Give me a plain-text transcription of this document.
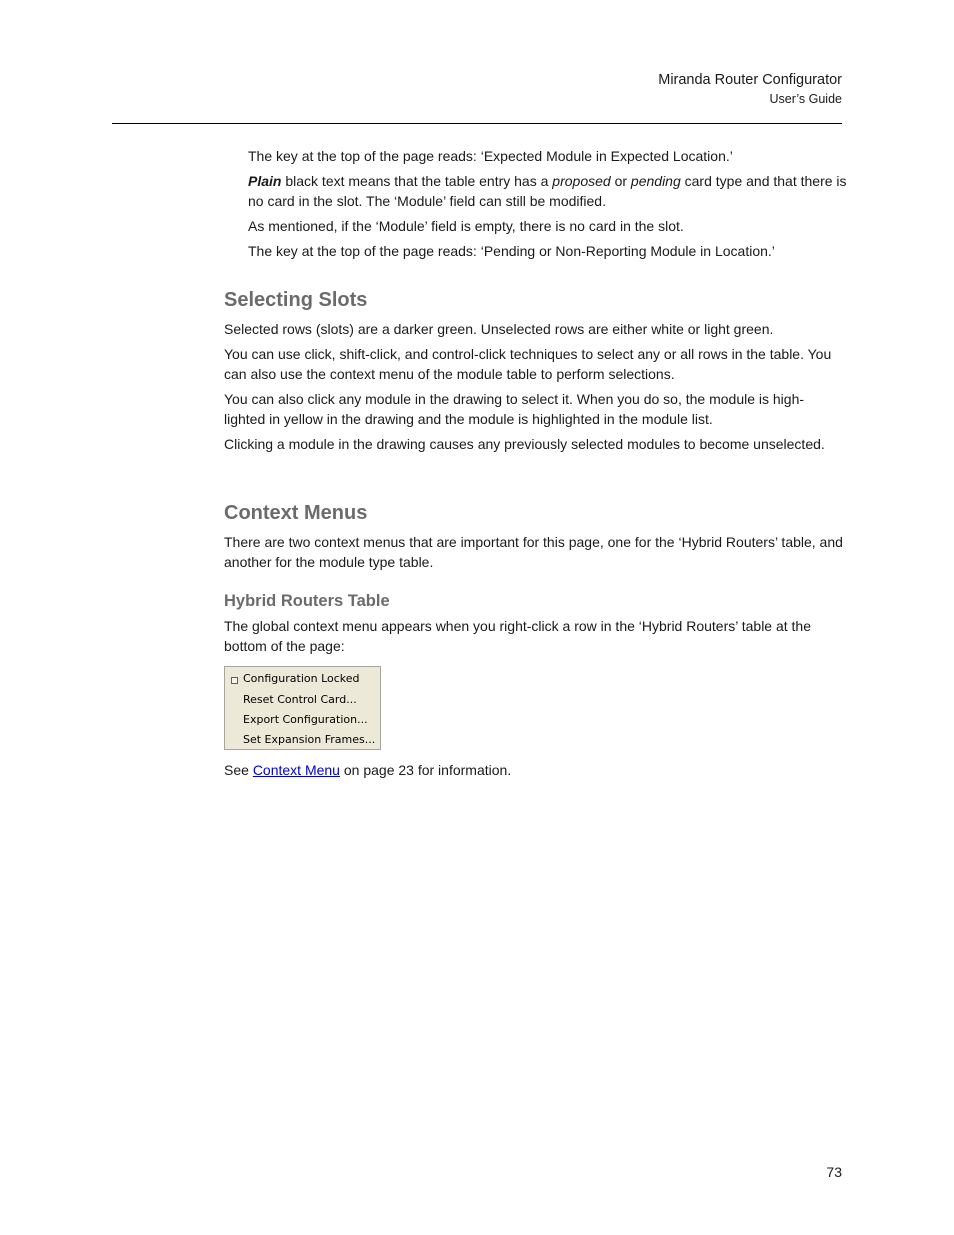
Miranda Router Configurator
User’s Guide

The key at the top of the page reads: ‘Expected Module in Expected Location.’

Plain black text means that the table entry has a proposed or pending card type and that there is no card in the slot. The ‘Module’ field can still be modified.

As mentioned, if the ‘Module’ field is empty, there is no card in the slot.

The key at the top of the page reads: ‘Pending or Non-Reporting Module in Location.’

Selecting Slots

Selected rows (slots) are a darker green. Unselected rows are either white or light green.

You can use click, shift-click, and control-click techniques to select any or all rows in the table. You can also use the context menu of the module table to perform selections.

You can also click any module in the drawing to select it. When you do so, the module is high-lighted in yellow in the drawing and the module is highlighted in the module list.

Clicking a module in the drawing causes any previously selected modules to become unselected.

Context Menus

There are two context menus that are important for this page, one for the ‘Hybrid Routers’ table, and another for the module type table.

Hybrid Routers Table

The global context menu appears when you right-click a row in the ‘Hybrid Routers’ table at the bottom of the page:

Configuration Locked
Reset Control Card...
Export Configuration...
Set Expansion Frames...

See Context Menu on page 23 for information.

73
